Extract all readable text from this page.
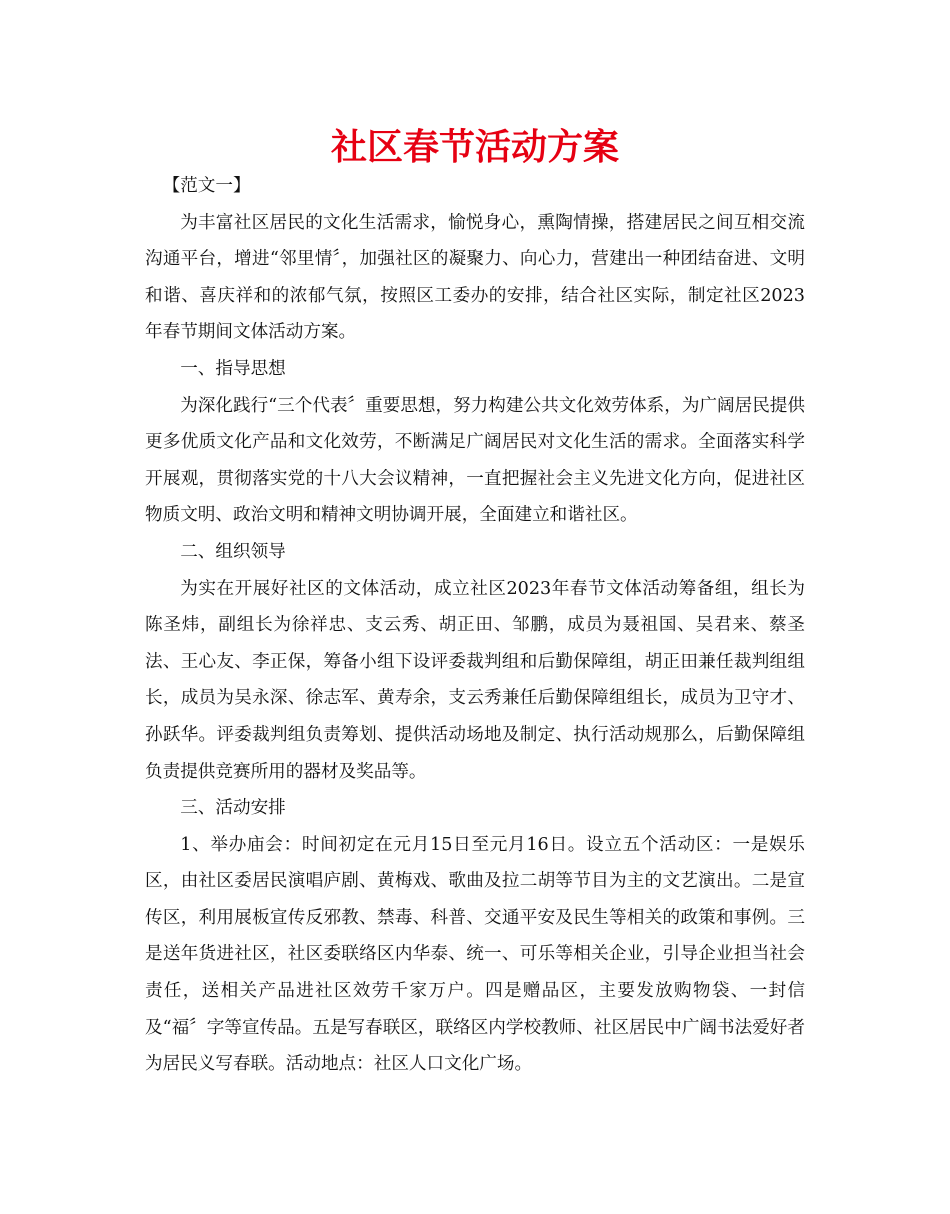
社区春节活动方案

【范文一】

为丰富社区居民的文化生活需求，愉悦身心，熏陶情操，搭建居民之间互相交流沟通平台，增进“邻里情〞，加强社区的凝聚力、向心力，营建出一种团结奋进、文明和谐、喜庆祥和的浓郁气氛，按照区工委办的安排，结合社区实际，制定社区2023年春节期间文体活动方案。

一、指导思想

为深化践行“三个代表〞重要思想，努力构建公共文化效劳体系，为广阔居民提供更多优质文化产品和文化效劳，不断满足广阔居民对文化生活的需求。全面落实科学开展观，贯彻落实党的十八大会议精神，一直把握社会主义先进文化方向，促进社区物质文明、政治文明和精神文明协调开展，全面建立和谐社区。

二、组织领导

为实在开展好社区的文体活动，成立社区2023年春节文体活动筹备组，组长为陈圣炜，副组长为徐祥忠、支云秀、胡正田、邹鹏，成员为聂祖国、吴君来、蔡圣法、王心友、李正保，筹备小组下设评委裁判组和后勤保障组，胡正田兼任裁判组组长，成员为吴永深、徐志军、黄寿余，支云秀兼任后勤保障组组长，成员为卫守才、孙跃华。评委裁判组负责筹划、提供活动场地及制定、执行活动规那么，后勤保障组负责提供竞赛所用的器材及奖品等。

三、活动安排

1、举办庙会：时间初定在元月15日至元月16日。设立五个活动区：一是娱乐区，由社区委居民演唱庐剧、黄梅戏、歌曲及拉二胡等节目为主的文艺演出。二是宣传区，利用展板宣传反邪教、禁毒、科普、交通平安及民生等相关的政策和事例。三是送年货进社区，社区委联络区内华泰、统一、可乐等相关企业，引导企业担当社会责任，送相关产品进社区效劳千家万户。四是赠品区，主要发放购物袋、一封信及“福〞字等宣传品。五是写春联区，联络区内学校教师、社区居民中广阔书法爱好者为居民义写春联。活动地点：社区人口文化广场。
